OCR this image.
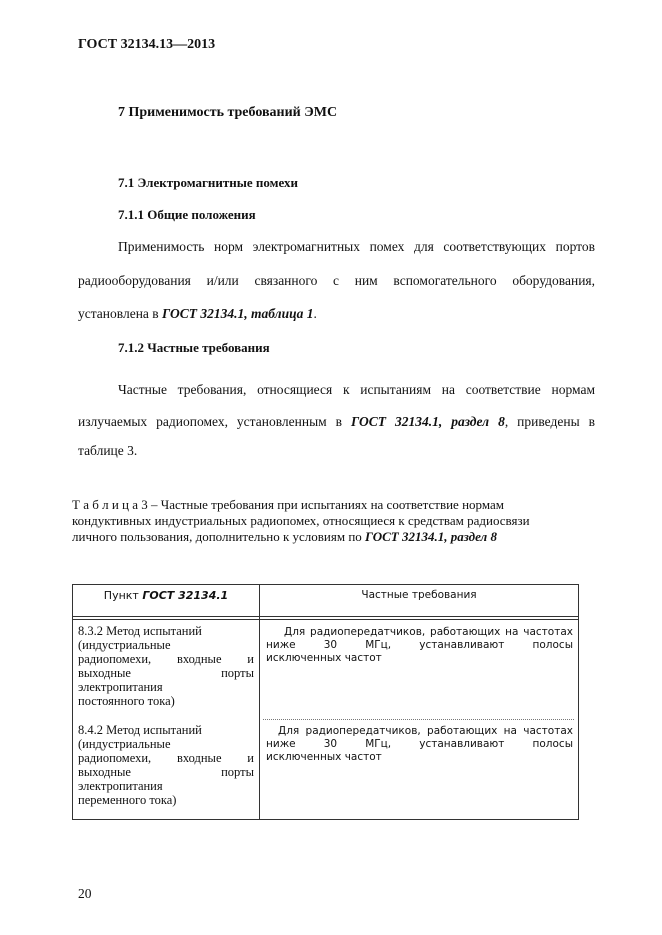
ГОСТ 32134.13—2013
7 Применимость требований ЭМС
7.1 Электромагнитные помехи
7.1.1 Общие положения
Применимость норм электромагнитных помех для соответствующих портов
радиооборудования и/или связанного с ним вспомогательного оборудования,
установлена в ГОСТ 32134.1, таблица 1.
7.1.2 Частные требования
Частные требования, относящиеся к испытаниям на соответствие нормам
излучаемых радиопомех, установленным в ГОСТ 32134.1, раздел 8, приведены в
таблице 3.
Т а б л и ц а 3 – Частные требования при испытаниях на соответствие нормам
кондуктивных индустриальных радиопомех, относящиеся к средствам радиосвязи
личного пользования, дополнительно к условиям по ГОСТ 32134.1, раздел 8
Пункт ГОСТ 32134.1	Частные требования
8.3.2 Метод испытаний
(индустриальные
радиопомехи, входные и
выходные порты
электропитания
постоянного тока)
Для радиопередатчиков, работающих на частотах
ниже 30 МГц, устанавливают полосы
исключенных частот
8.4.2 Метод испытаний
(индустриальные
радиопомехи, входные и
выходные порты
электропитания
переменного тока)
Для радиопередатчиков, работающих на частотах
ниже 30 МГц, устанавливают полосы
исключенных частот
20
